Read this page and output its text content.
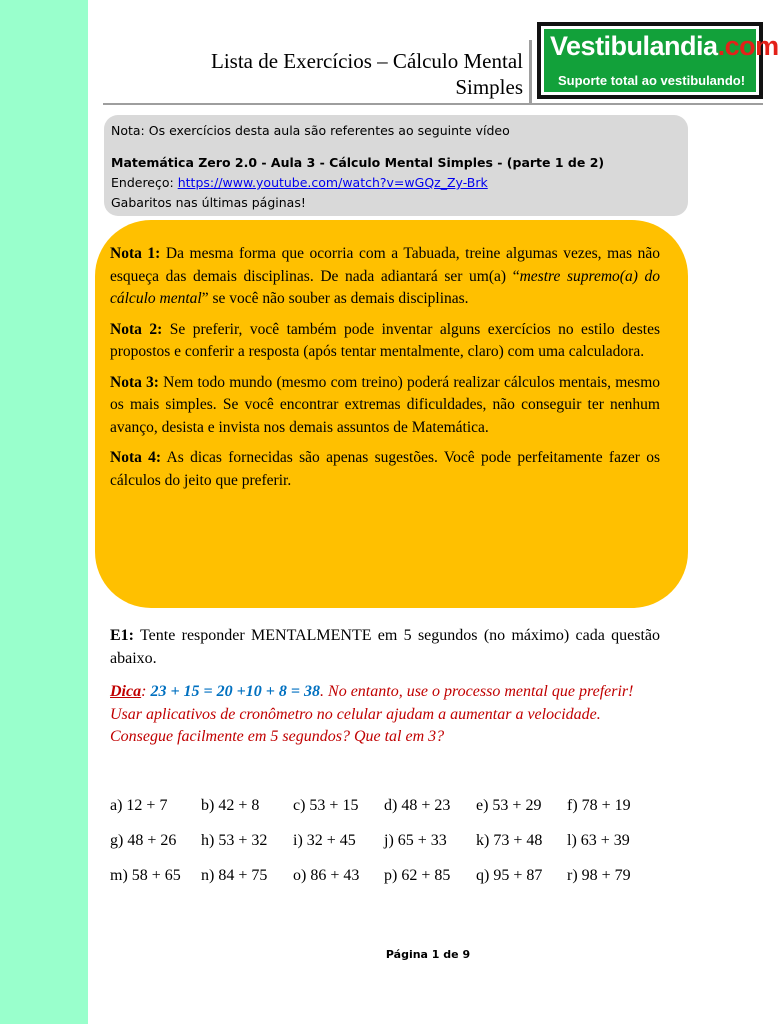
Lista de Exercícios – Cálculo Mental
Simples
Vestibulandia.com
Suporte total ao vestibulando!
Nota: Os exercícios desta aula são referentes ao seguinte vídeo
Matemática Zero 2.0 - Aula 3 - Cálculo Mental Simples - (parte 1 de 2)
Endereço: https://www.youtube.com/watch?v=wGQz_Zy-Brk
Gabaritos nas últimas páginas!

Nota 1: Da mesma forma que ocorria com a Tabuada, treine algumas vezes, mas não esqueça das demais disciplinas. De nada adiantará ser um(a) “mestre supremo(a) do cálculo mental” se você não souber as demais disciplinas.

Nota 2: Se preferir, você também pode inventar alguns exercícios no estilo destes propostos e conferir a resposta (após tentar mentalmente, claro) com uma calculadora.

Nota 3: Nem todo mundo (mesmo com treino) poderá realizar cálculos mentais, mesmo os mais simples. Se você encontrar extremas dificuldades, não conseguir ter nenhum avanço, desista e invista nos demais assuntos de Matemática.

Nota 4: As dicas fornecidas são apenas sugestões. Você pode perfeitamente fazer os cálculos do jeito que preferir.

E1: Tente responder MENTALMENTE em 5 segundos (no máximo) cada questão abaixo.
Dica: 23 + 15 = 20 +10 + 8 = 38. No entanto, use o processo mental que preferir! Usar aplicativos de cronômetro no celular ajudam a aumentar a velocidade. Consegue facilmente em 5 segundos? Que tal em 3?
a) 12 + 7 b) 42 + 8 c) 53 + 15 d) 48 + 23 e) 53 + 29 f) 78 + 19
g) 48 + 26 h) 53 + 32 i) 32 + 45 j) 65 + 33 k) 73 + 48 l) 63 + 39
m) 58 + 65 n) 84 + 75 o) 86 + 43 p) 62 + 85 q) 95 + 87 r) 98 + 79
Página 1 de 9
